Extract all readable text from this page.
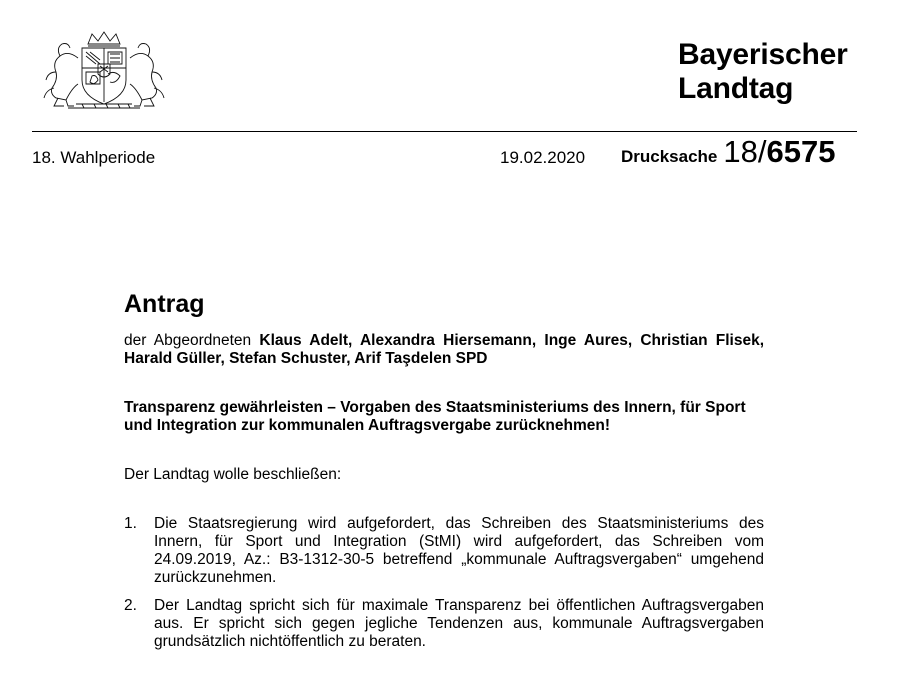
Bayerischer
Landtag
18. Wahlperiode	19.02.2020 Drucksache 18/6575
Antrag

der Abgeordneten Klaus Adelt, Alexandra Hiersemann, Inge Aures, Christian Flisek, Harald Güller, Stefan Schuster, Arif Taşdelen SPD

Transparenz gewährleisten – Vorgaben des Staatsministeriums des Innern, für Sport und Integration zur kommunalen Auftragsvergabe zurücknehmen!

Der Landtag wolle beschließen:

1.	Die Staatsregierung wird aufgefordert, das Schreiben des Staatsministeriums des Innern, für Sport und Integration (StMI) wird aufgefordert, das Schreiben vom 24.09.2019, Az.: B3-1312-30-5 betreffend „kommunale Auftragsvergaben“ umgehend zurückzunehmen.
2.	Der Landtag spricht sich für maximale Transparenz bei öffentlichen Auftragsvergaben aus. Er spricht sich gegen jegliche Tendenzen aus, kommunale Auftragsvergaben grundsätzlich nichtöffentlich zu beraten.
